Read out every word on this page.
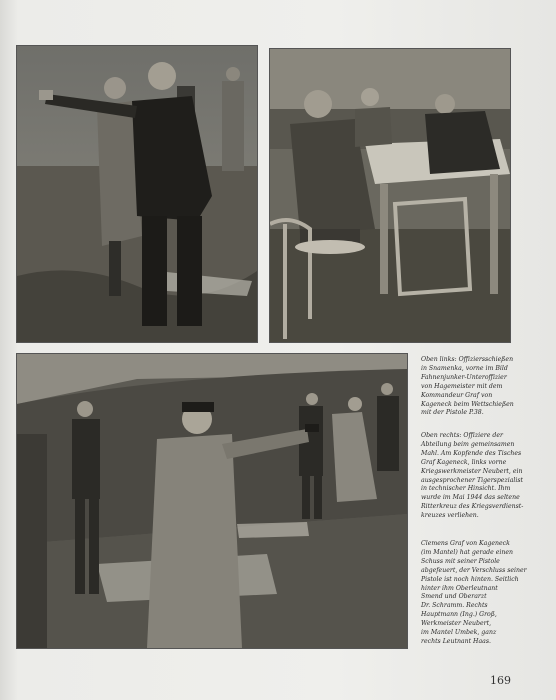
Oben links: Offiziersschießen

in Snamenka, vorne im Bild

Fahnenjunker-Unteroffizier

von Hagemeister mit dem

Kommandeur Graf von

Kageneck beim Wettschießen

mit der Pistole P.38.

Oben rechts: Offiziere der

Abteilung beim gemeinsamen

Mahl. Am Kopfende des Tisches

Graf Kageneck, links vorne

Kriegswerkmeister Neubert, ein

ausgesprochener Tigerspezialist

in technischer Hinsicht. Ihm

wurde im Mai 1944 das seltene

Ritterkreuz des Kriegsverdienst-

kreuzes verliehen.

Clemens Graf von Kageneck

(im Mantel) hat gerade einen

Schuss mit seiner Pistole

abgefeuert, der Verschluss seiner

Pistole ist noch hinten. Seitlich

hinter ihm Oberleutnant

Smend und Oberarzt

Dr. Schramm. Rechts

Hauptmann (Ing.) Groß,

Werkmeister Neubert,

im Mantel Umbek, ganz

rechts Leutnant Haas.

169
